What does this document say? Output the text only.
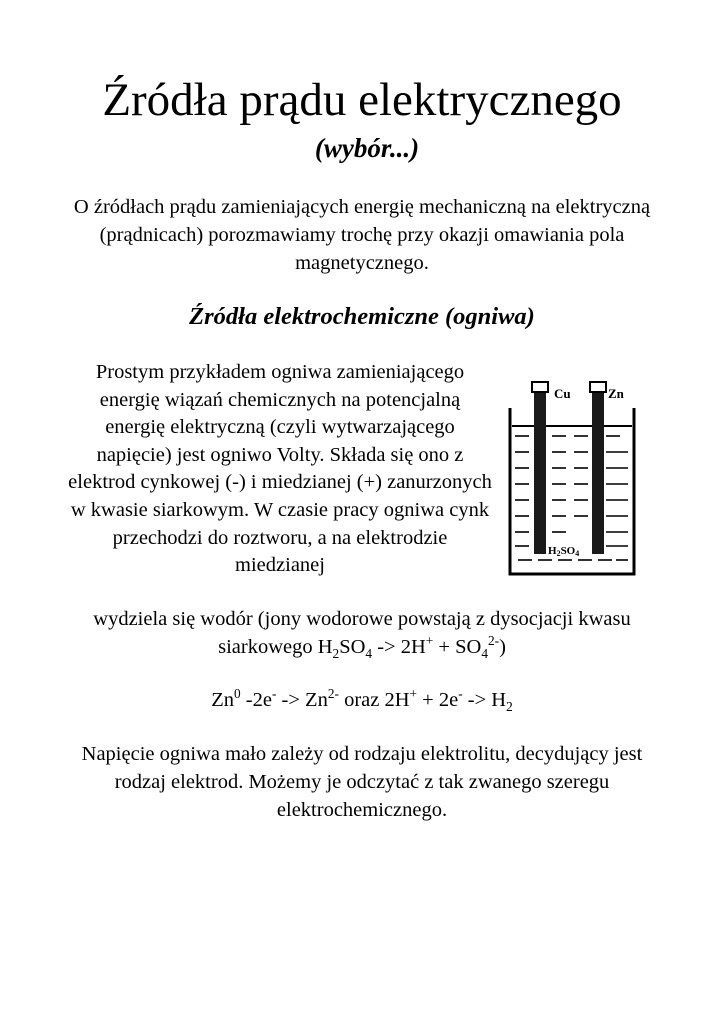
Źródła prądu elektrycznego
(wybór...)

O źródłach prądu zamieniających energię mechaniczną na elektryczną (prądnicach) porozmawiamy trochę przy okazji omawiania pola magnetycznego.

Źródła elektrochemiczne (ogniwa)

Prostym przykładem ogniwa zamieniającego energię wiązań chemicznych na potencjalną energię elektryczną (czyli wytwarzającego napięcie) jest ogniwo Volty. Składa się ono z elektrod cynkowej (-) i miedzianej (+) zanurzonych w kwasie siarkowym. W czasie pracy ogniwa cynk przechodzi do roztworu, a na elektrodzie miedzianej

Cu	Zn
H2SO4

wydziela się wodór (jony wodorowe powstają z dysocjacji kwasu siarkowego $H_2SO_4 -> 2H^+ + SO_4^{2-}$)

Zn$^0$ $-2e^- -> Zn^{2-}$ oraz $2H^+ + 2e^- -> H_2$

Napięcie ogniwa mało zależy od rodzaju elektrolitu, decydujący jest rodzaj elektrod. Możemy je odczytać z tak zwanego szeregu elektrochemicznego.
